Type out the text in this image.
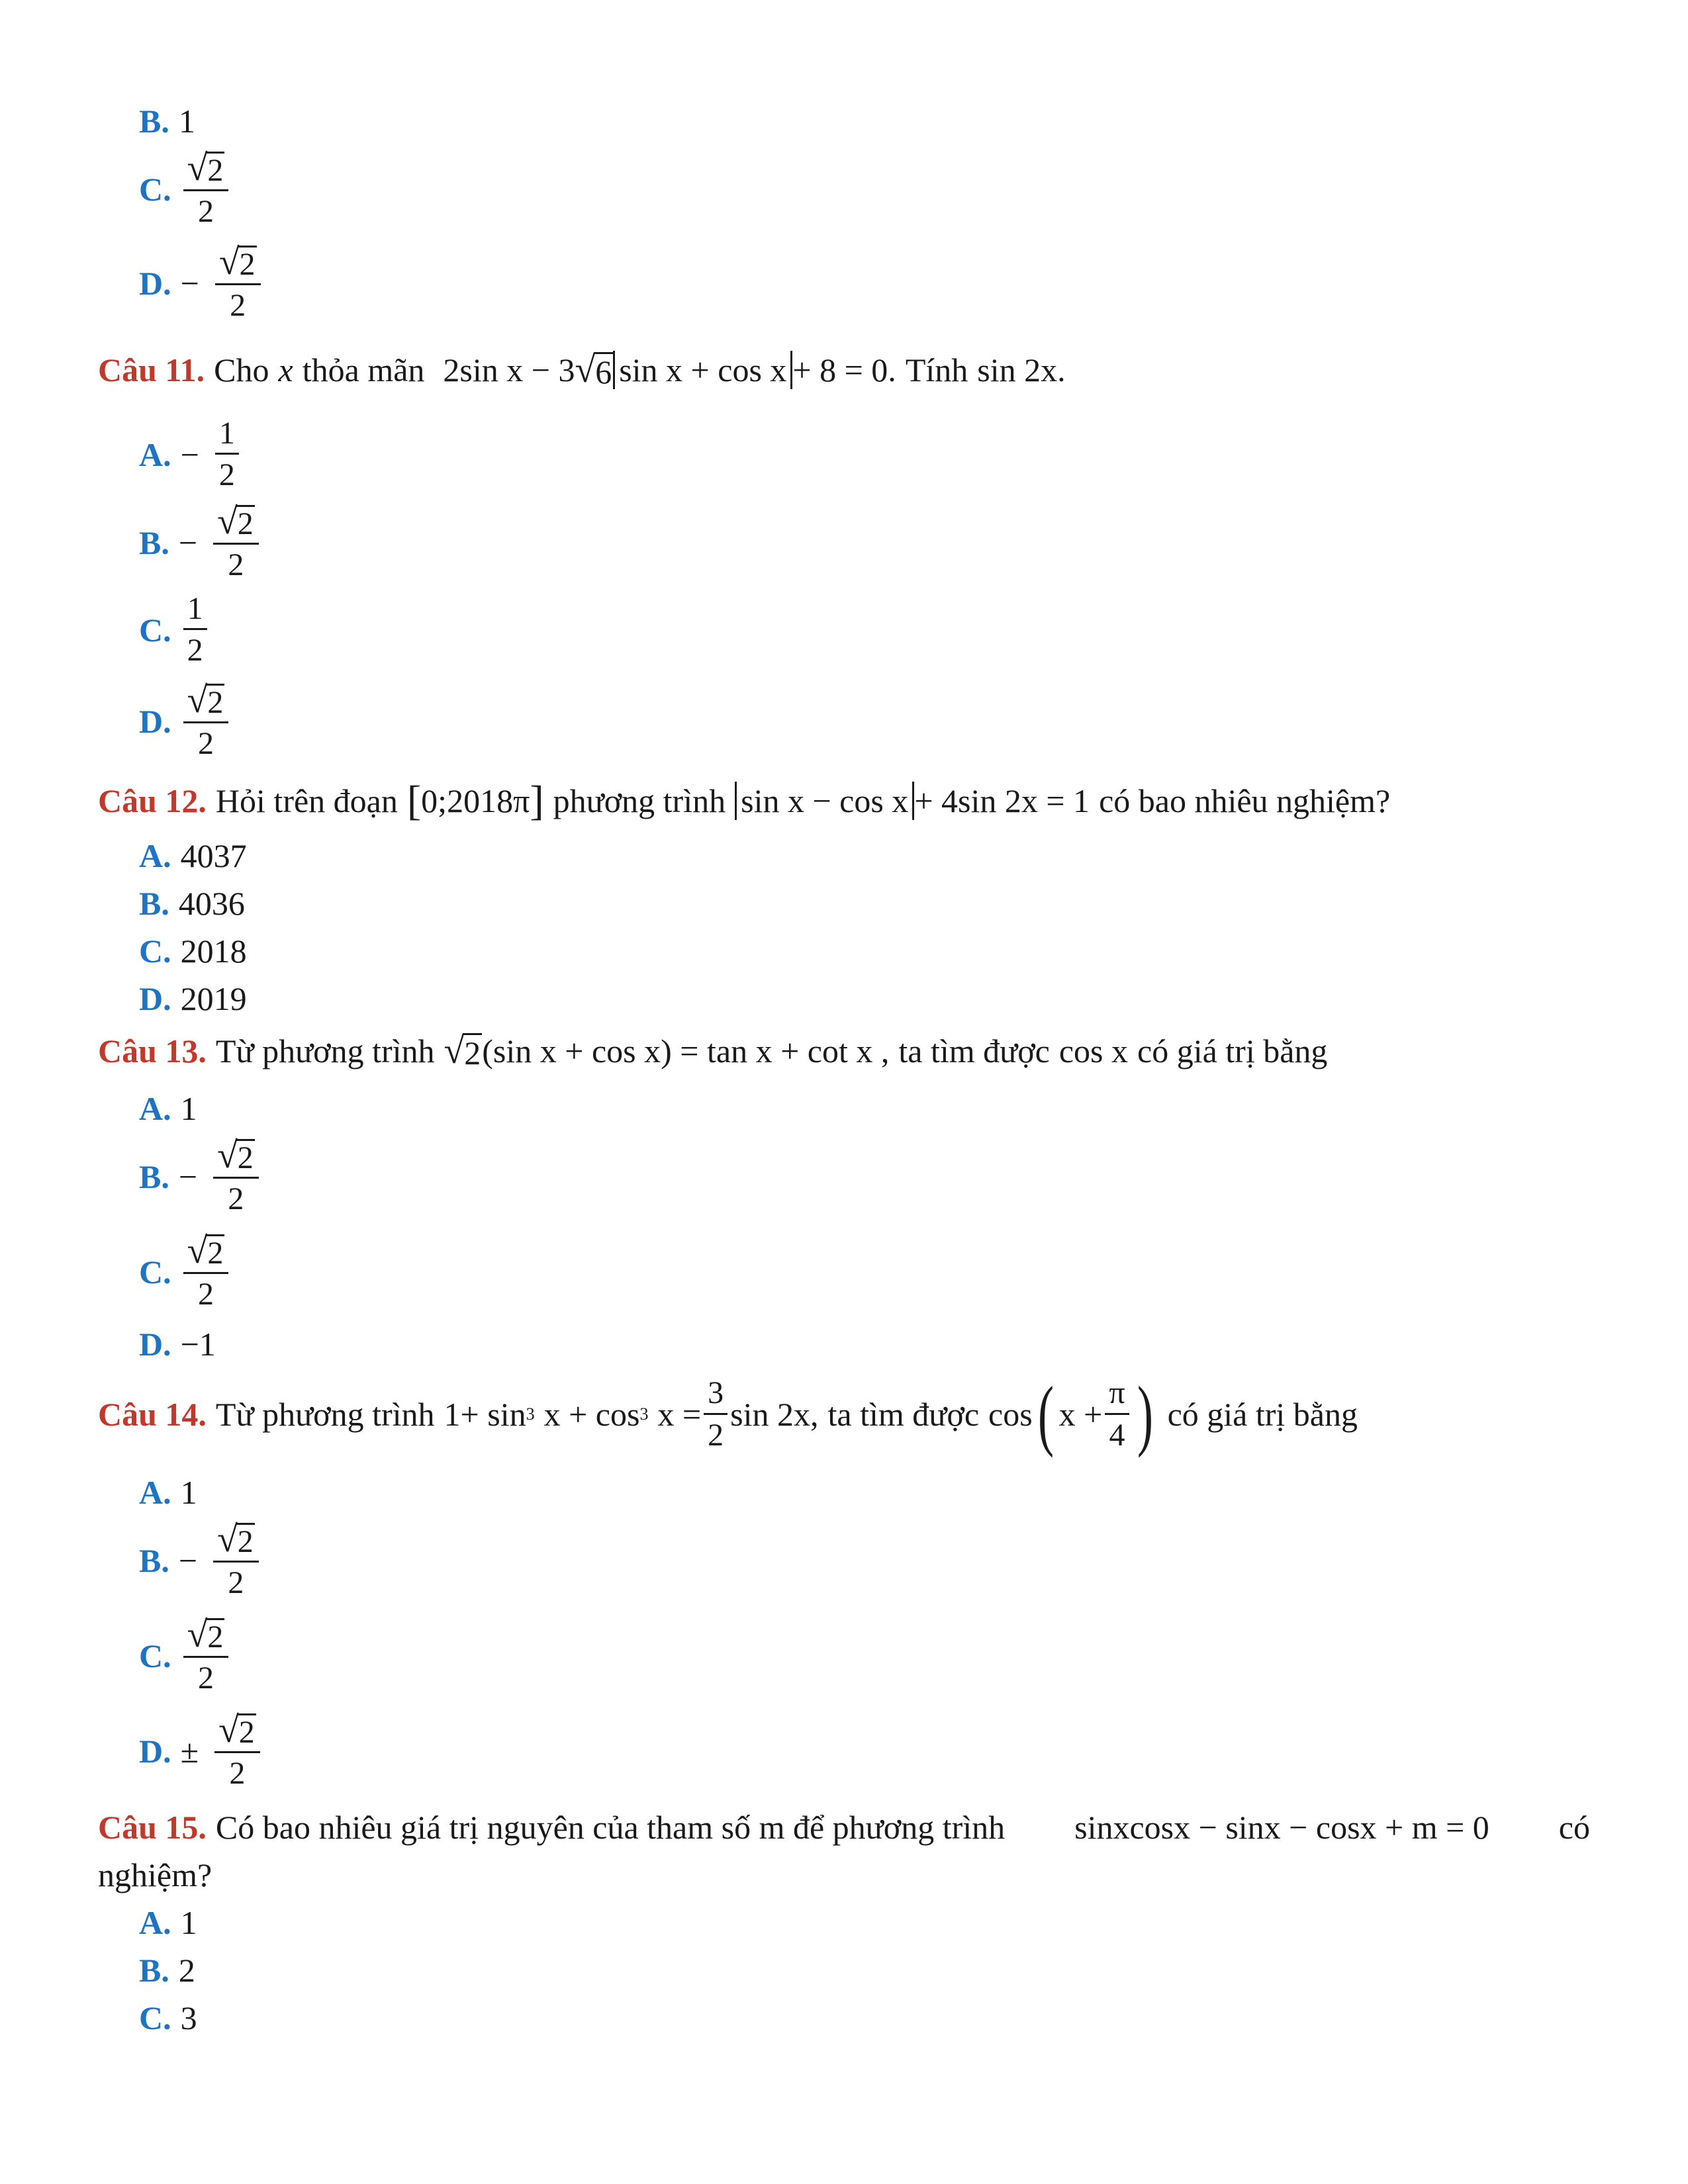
B. 1
C. $\frac{√ 2}{2}$
D. − $\frac{√ 2}{2}$
Câu 11. Cho x thỏa mãn 2sin x − 3 √ 6 sin x + cos x + 8 = 0. Tính sin 2x .
A. − $\frac{1}{2}$
B. − $\frac{√ 2}{2}$
C. $\frac{1}{2}$
D. $\frac{√ 2}{2}$
Câu 12. Hỏi trên đoạn [ 0;2018π ] phương trình sin x − cos x + 4sin 2x = 1 có bao nhiêu nghiệm?
A. 4037
B. 4036
C. 2018
D. 2019
Câu 13. Từ phương trình √ 2 (sin x + cos x) = tan x + cot x , ta tìm được cos x có giá trị bằng
A. 1
B. − $\frac{√ 2}{2}$
C. $\frac{√ 2}{2}$
D. −1
Câu 14. Từ phương trình 1+ sin 3 x + cos 3 $x = \frac{3}{2}$ sin 2x, ta tìm được cos ( $x + \frac{\pi}{4}$ ) có giá trị bằng
A. 1
B. − $\frac{√ 2}{2}$
C. $\frac{√ 2}{2}$
D. ± $\frac{√ 2}{2}$
Câu 15. Có bao nhiêu giá trị nguyên của tham số m để phương trình sinxcosx − sinx − cosx + m = 0 có
nghiệm?
A. 1
B. 2
C. 3
